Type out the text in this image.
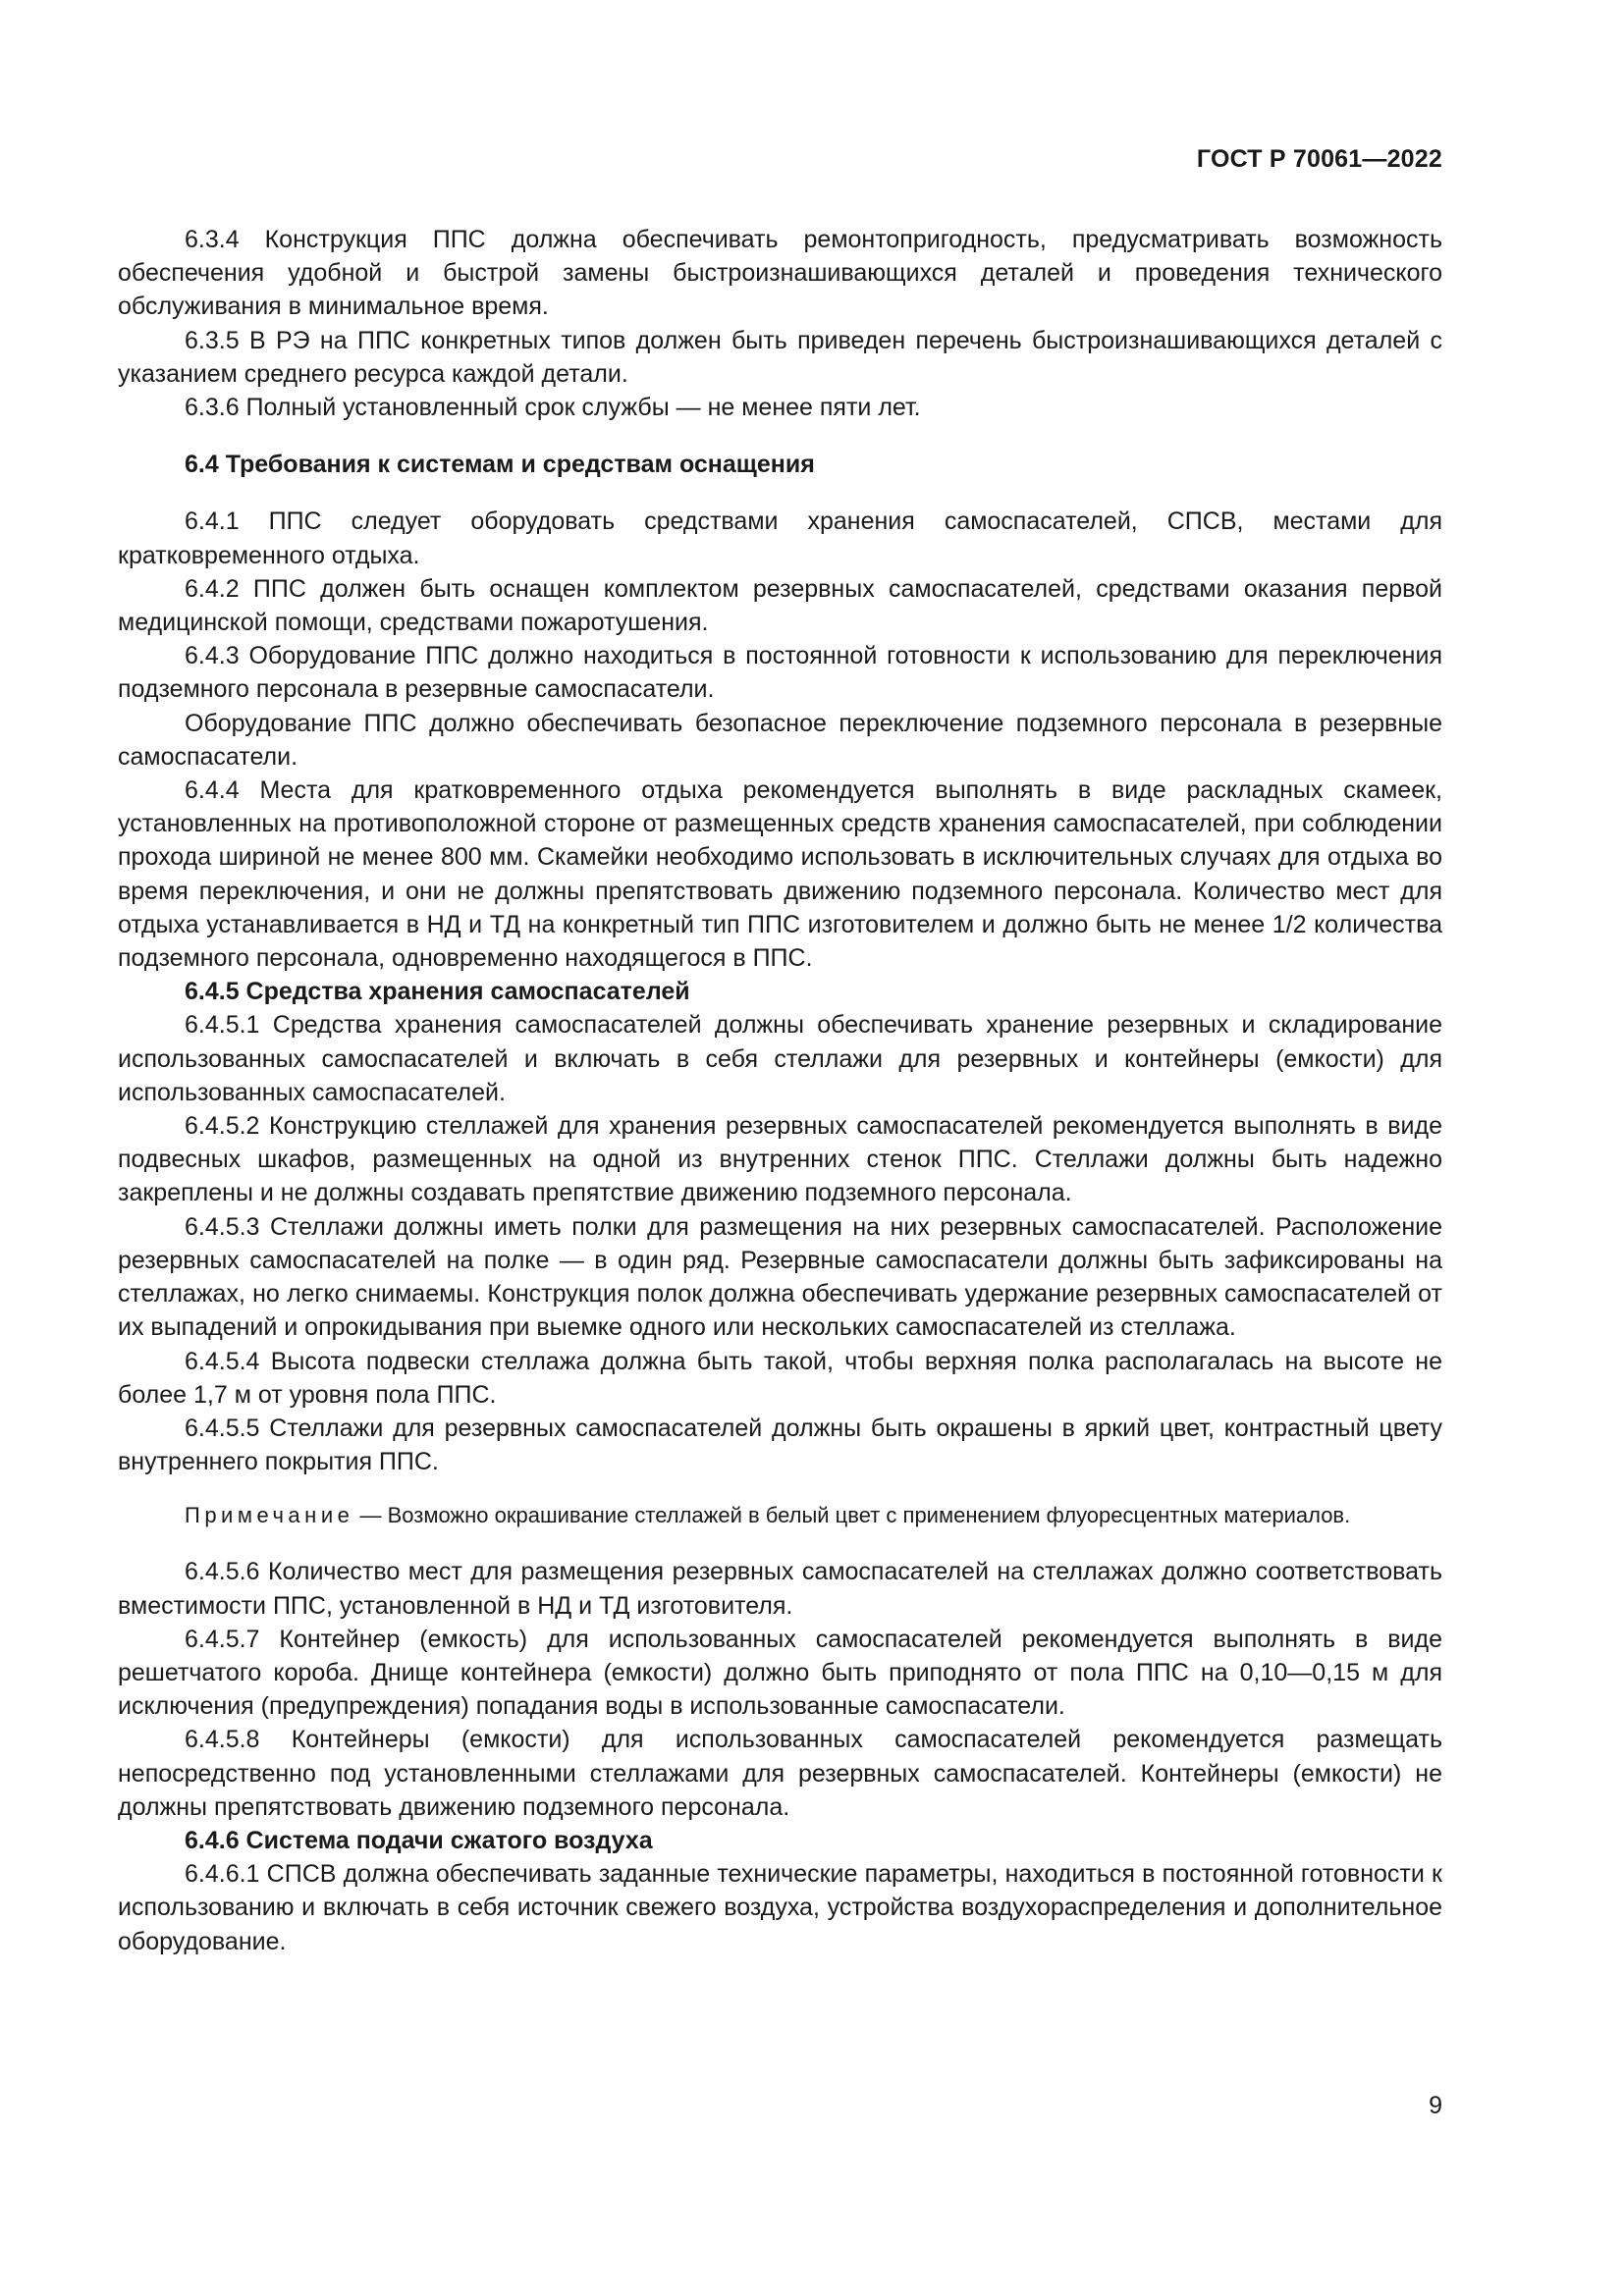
ГОСТ Р 70061—2022

6.3.4 Конструкция ППС должна обеспечивать ремонтопригодность, предусматривать возможность обеспечения удобной и быстрой замены быстроизнашивающихся деталей и проведения технического обслуживания в минимальное время.

6.3.5 В РЭ на ППС конкретных типов должен быть приведен перечень быстроизнашивающихся деталей с указанием среднего ресурса каждой детали.

6.3.6 Полный установленный срок службы — не менее пяти лет.

6.4 Требования к системам и средствам оснащения

6.4.1 ППС следует оборудовать средствами хранения самоспасателей, СПСВ, местами для кратковременного отдыха.

6.4.2 ППС должен быть оснащен комплектом резервных самоспасателей, средствами оказания первой медицинской помощи, средствами пожаротушения.

6.4.3 Оборудование ППС должно находиться в постоянной готовности к использованию для переключения подземного персонала в резервные самоспасатели.

Оборудование ППС должно обеспечивать безопасное переключение подземного персонала в резервные самоспасатели.

6.4.4 Места для кратковременного отдыха рекомендуется выполнять в виде раскладных скамеек, установленных на противоположной стороне от размещенных средств хранения самоспасателей, при соблюдении прохода шириной не менее 800 мм. Скамейки необходимо использовать в исключительных случаях для отдыха во время переключения, и они не должны препятствовать движению подземного персонала. Количество мест для отдыха устанавливается в НД и ТД на конкретный тип ППС изготовителем и должно быть не менее 1/2 количества подземного персонала, одновременно находящегося в ППС.

6.4.5 Средства хранения самоспасателей

6.4.5.1 Средства хранения самоспасателей должны обеспечивать хранение резервных и складирование использованных самоспасателей и включать в себя стеллажи для резервных и контейнеры (емкости) для использованных самоспасателей.

6.4.5.2 Конструкцию стеллажей для хранения резервных самоспасателей рекомендуется выполнять в виде подвесных шкафов, размещенных на одной из внутренних стенок ППС. Стеллажи должны быть надежно закреплены и не должны создавать препятствие движению подземного персонала.

6.4.5.3 Стеллажи должны иметь полки для размещения на них резервных самоспасателей. Расположение резервных самоспасателей на полке — в один ряд. Резервные самоспасатели должны быть зафиксированы на стеллажах, но легко снимаемы. Конструкция полок должна обеспечивать удержание резервных самоспасателей от их выпадений и опрокидывания при выемке одного или нескольких самоспасателей из стеллажа.

6.4.5.4 Высота подвески стеллажа должна быть такой, чтобы верхняя полка располагалась на высоте не более 1,7 м от уровня пола ППС.

6.4.5.5 Стеллажи для резервных самоспасателей должны быть окрашены в яркий цвет, контрастный цвету внутреннего покрытия ППС.

Примечание — Возможно окрашивание стеллажей в белый цвет с применением флуоресцентных материалов.

6.4.5.6 Количество мест для размещения резервных самоспасателей на стеллажах должно соответствовать вместимости ППС, установленной в НД и ТД изготовителя.

6.4.5.7 Контейнер (емкость) для использованных самоспасателей рекомендуется выполнять в виде решетчатого короба. Днище контейнера (емкости) должно быть приподнято от пола ППС на 0,10—0,15 м для исключения (предупреждения) попадания воды в использованные самоспасатели.

6.4.5.8 Контейнеры (емкости) для использованных самоспасателей рекомендуется размещать непосредственно под установленными стеллажами для резервных самоспасателей. Контейнеры (емкости) не должны препятствовать движению подземного персонала.

6.4.6 Система подачи сжатого воздуха

6.4.6.1 СПСВ должна обеспечивать заданные технические параметры, находиться в постоянной готовности к использованию и включать в себя источник свежего воздуха, устройства воздухораспределения и дополнительное оборудование.

9
